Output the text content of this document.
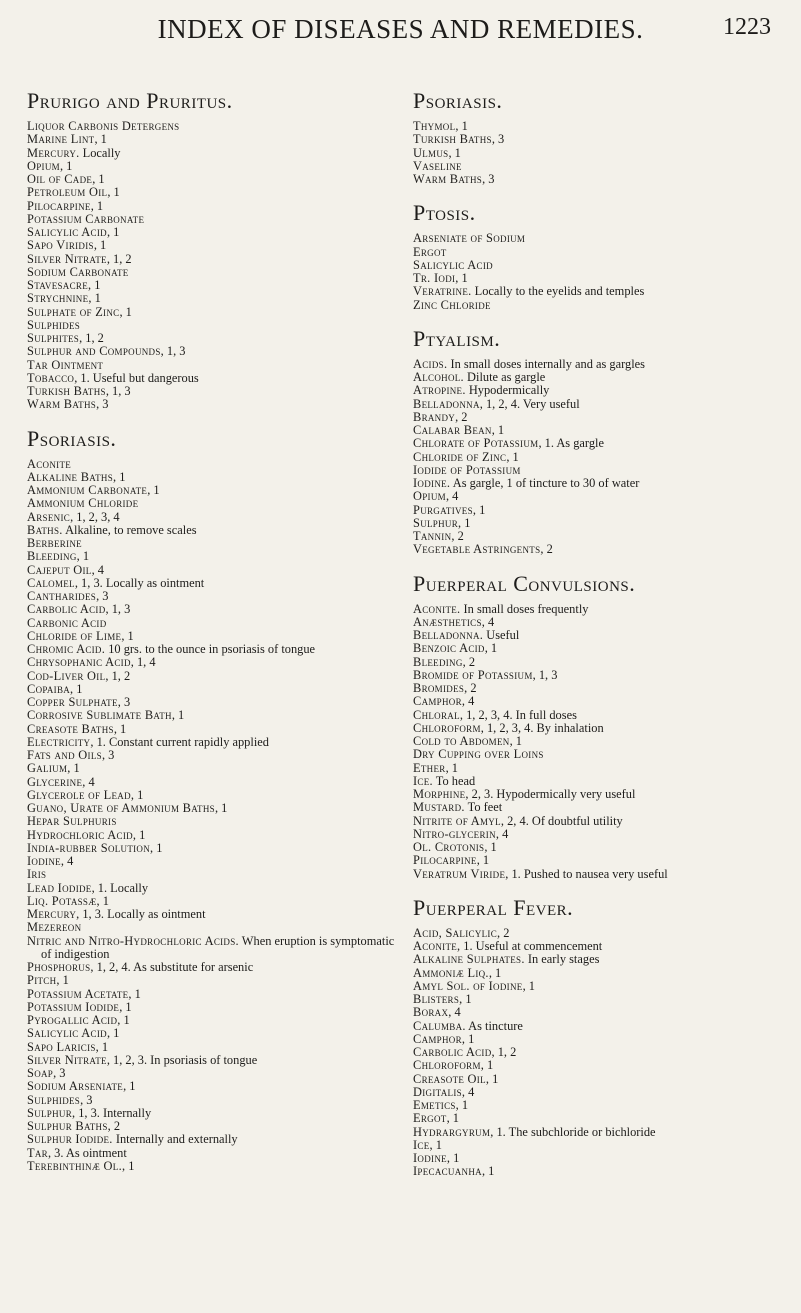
INDEX OF DISEASES AND REMEDIES.	1223
Prurigo and Pruritus.
Liquor Carbonis Detergens
Marine Lint, 1
Mercury. Locally
Opium, 1
Oil of Cade, 1
Petroleum Oil, 1
Pilocarpine, 1
Potassium Carbonate
Salicylic Acid, 1
Sapo Viridis, 1
Silver Nitrate, 1, 2
Sodium Carbonate
Stavesacre, 1
Strychnine, 1
Sulphate of Zinc, 1
Sulphides
Sulphites, 1, 2
Sulphur and Compounds, 1, 3
Tar Ointment
Tobacco, 1. Useful but dangerous
Turkish Baths, 1, 3
Warm Baths, 3
Psoriasis.
Aconite
Alkaline Baths, 1
Ammonium Carbonate, 1
Ammonium Chloride
Arsenic, 1, 2, 3, 4
Baths. Alkaline, to remove scales
Berberine
Bleeding, 1
Cajeput Oil, 4
Calomel, 1, 3. Locally as ointment
Cantharides, 3
Carbolic Acid, 1, 3
Carbonic Acid
Chloride of Lime, 1
Chromic Acid. 10 grs. to the ounce in psoriasis of tongue
Chrysophanic Acid, 1, 4
Cod-Liver Oil, 1, 2
Copaiba, 1
Copper Sulphate, 3
Corrosive Sublimate Bath, 1
Creasote Baths, 1
Electricity, 1. Constant current rapidly applied
Fats and Oils, 3
Galium, 1
Glycerine, 4
Glycerole of Lead, 1
Guano, Urate of Ammonium Baths, 1
Hepar Sulphuris
Hydrochloric Acid, 1
India-rubber Solution, 1
Iodine, 4
Iris
Lead Iodide, 1. Locally
Liq. Potassæ, 1
Mercury, 1, 3. Locally as ointment
Mezereon
Nitric and Nitro-Hydrochloric Acids. When eruption is symptomatic of indigestion
Phosphorus, 1, 2, 4. As substitute for arsenic
Pitch, 1
Potassium Acetate, 1
Potassium Iodide, 1
Pyrogallic Acid, 1
Salicylic Acid, 1
Sapo Laricis, 1
Silver Nitrate, 1, 2, 3. In psoriasis of tongue
Soap, 3
Sodium Arseniate, 1
Sulphides, 3
Sulphur, 1, 3. Internally
Sulphur Baths, 2
Sulphur Iodide. Internally and externally
Tar, 3. As ointment
Terebinthinæ Ol., 1
Psoriasis.
Thymol, 1
Turkish Baths, 3
Ulmus, 1
Vaseline
Warm Baths, 3
Ptosis.
Arseniate of Sodium
Ergot
Salicylic Acid
Tr. Iodi, 1
Veratrine. Locally to the eyelids and temples
Zinc Chloride
Ptyalism.
Acids. In small doses internally and as gargles
Alcohol. Dilute as gargle
Atropine. Hypodermically
Belladonna, 1, 2, 4. Very useful
Brandy, 2
Calabar Bean, 1
Chlorate of Potassium, 1. As gargle
Chloride of Zinc, 1
Iodide of Potassium
Iodine. As gargle, 1 of tincture to 30 of water
Opium, 4
Purgatives, 1
Sulphur, 1
Tannin, 2
Vegetable Astringents, 2
Puerperal Convulsions.
Aconite. In small doses frequently
Anæsthetics, 4
Belladonna. Useful
Benzoic Acid, 1
Bleeding, 2
Bromide of Potassium, 1, 3
Bromides, 2
Camphor, 4
Chloral, 1, 2, 3, 4. In full doses
Chloroform, 1, 2, 3, 4. By inhalation
Cold to Abdomen, 1
Dry Cupping over Loins
Ether, 1
Ice. To head
Morphine, 2, 3. Hypodermically very useful
Mustard. To feet
Nitrite of Amyl, 2, 4. Of doubtful utility
Nitro-glycerin, 4
Ol. Crotonis, 1
Pilocarpine, 1
Veratrum Viride, 1. Pushed to nausea very useful
Puerperal Fever.
Acid, Salicylic, 2
Aconite, 1. Useful at commencement
Alkaline Sulphates. In early stages
Ammoniæ Liq., 1
Amyl Sol. of Iodine, 1
Blisters, 1
Borax, 4
Calumba. As tincture
Camphor, 1
Carbolic Acid, 1, 2
Chloroform, 1
Creasote Oil, 1
Digitalis, 4
Emetics, 1
Ergot, 1
Hydrargyrum, 1. The subchloride or bichloride
Ice, 1
Iodine, 1
Ipecacuanha, 1
